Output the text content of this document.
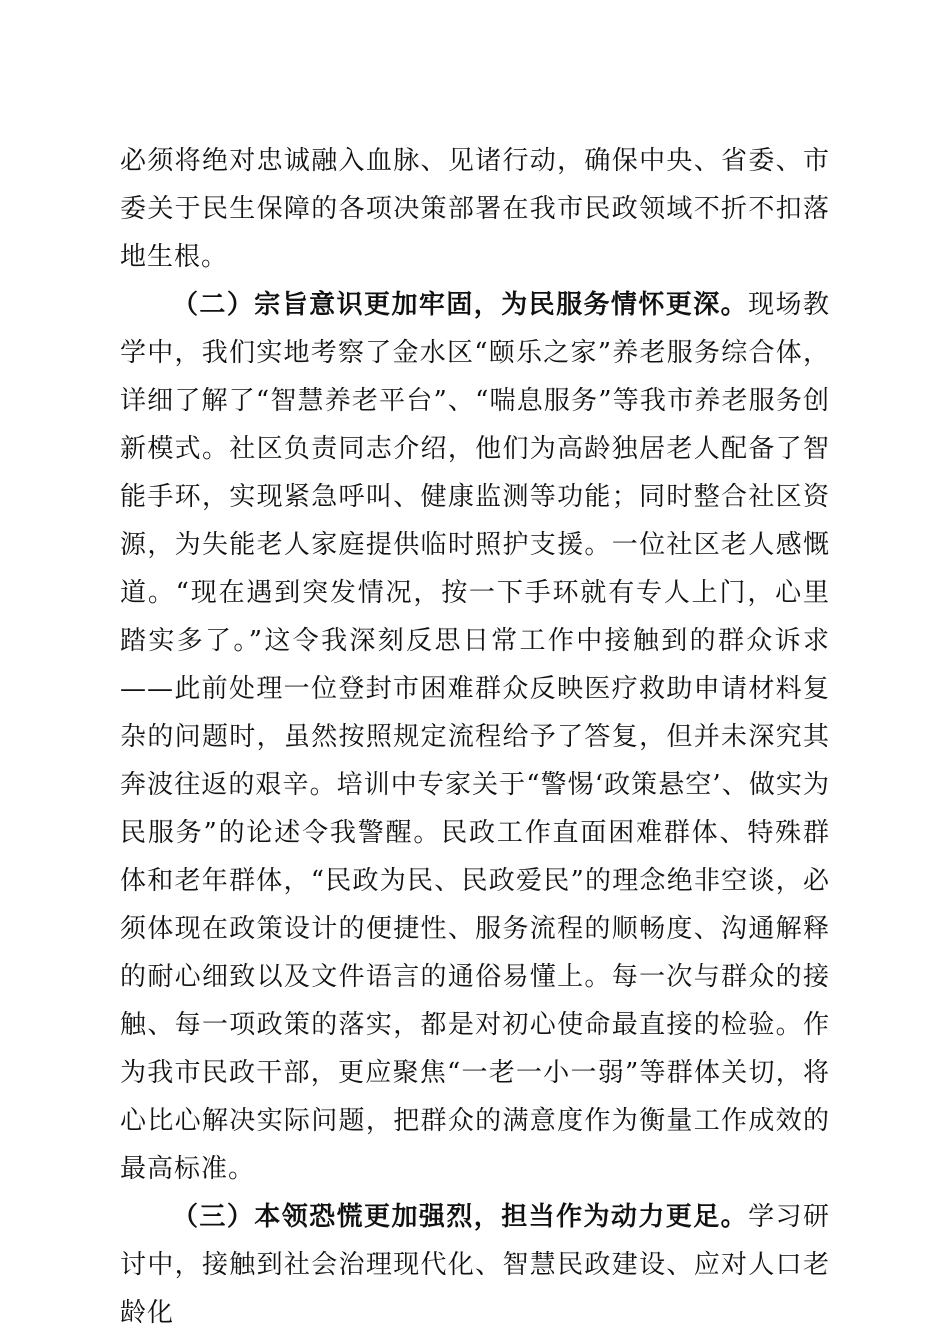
必须将绝对忠诚融入血脉、见诸行动，确保中央、省委、市委关于民生保障的各项决策部署在我市民政领域不折不扣落地生根。

（二）宗旨意识更加牢固，为民服务情怀更深。现场教学中，我们实地考察了金水区“颐乐之家”养老服务综合体，详细了解了“智慧养老平台”、“喘息服务”等我市养老服务创新模式。社区负责同志介绍，他们为高龄独居老人配备了智能手环，实现紧急呼叫、健康监测等功能；同时整合社区资源，为失能老人家庭提供临时照护支援。一位社区老人感慨道。“现在遇到突发情况，按一下手环就有专人上门，心里踏实多了。”这令我深刻反思日常工作中接触到的群众诉求——此前处理一位登封市困难群众反映医疗救助申请材料复杂的问题时，虽然按照规定流程给予了答复，但并未深究其奔波往返的艰辛。培训中专家关于“警惕‘政策悬空’、做实为民服务”的论述令我警醒。民政工作直面困难群体、特殊群体和老年群体，“民政为民、民政爱民”的理念绝非空谈，必须体现在政策设计的便捷性、服务流程的顺畅度、沟通解释的耐心细致以及文件语言的通俗易懂上。每一次与群众的接触、每一项政策的落实，都是对初心使命最直接的检验。作为我市民政干部，更应聚焦“一老一小一弱”等群体关切，将心比心解决实际问题，把群众的满意度作为衡量工作成效的最高标准。

（三）本领恐慌更加强烈，担当作为动力更足。学习研讨中，接触到社会治理现代化、智慧民政建设、应对人口老龄化
